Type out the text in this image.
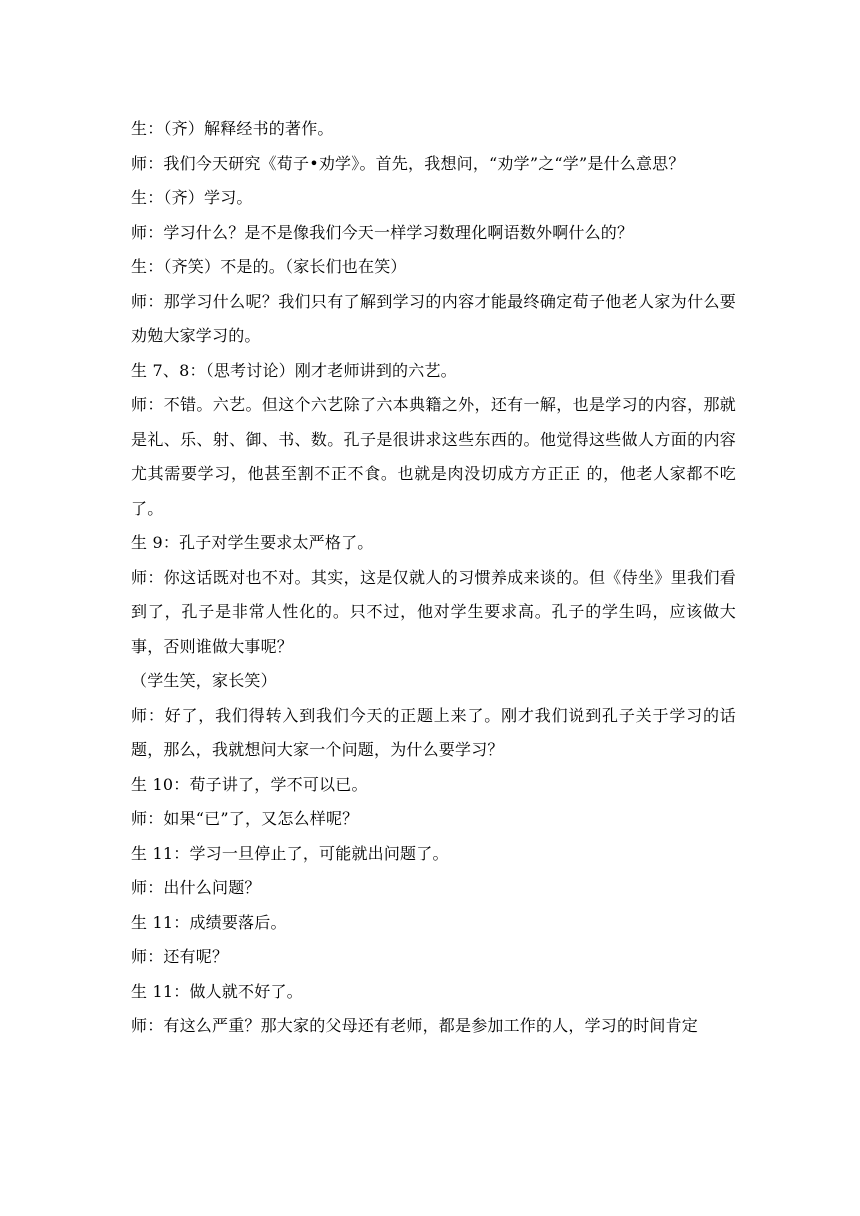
生：（齐）解释经书的著作。

师：我们今天研究《荀子•劝学》。首先，我想问，“劝学”之“学”是什么意思？

生：（齐）学习。

师：学习什么？是不是像我们今天一样学习数理化啊语数外啊什么的？

生：（齐笑）不是的。（家长们也在笑）

师：那学习什么呢？我们只有了解到学习的内容才能最终确定荀子他老人家为什么要劝勉大家学习的。

生 7、8：（思考讨论）刚才老师讲到的六艺。

师：不错。六艺。但这个六艺除了六本典籍之外，还有一解，也是学习的内容，那就是礼、乐、射、御、书、数。孔子是很讲求这些东西的。他觉得这些做人方面的内容尤其需要学习，他甚至割不正不食。也就是肉没切成方方正正 的，他老人家都不吃了。

生 9：孔子对学生要求太严格了。

师：你这话既对也不对。其实，这是仅就人的习惯养成来谈的。但《侍坐》里我们看到了，孔子是非常人性化的。只不过，他对学生要求高。孔子的学生吗，应该做大事，否则谁做大事呢？

（学生笑，家长笑）

师：好了，我们得转入到我们今天的正题上来了。刚才我们说到孔子关于学习的话题，那么，我就想问大家一个问题，为什么要学习？

生 10：荀子讲了，学不可以已。

师：如果“已”了，又怎么样呢？

生 11：学习一旦停止了，可能就出问题了。

师：出什么问题？

生 11：成绩要落后。

师：还有呢？

生 11：做人就不好了。

师：有这么严重？那大家的父母还有老师，都是参加工作的人，学习的时间肯定
